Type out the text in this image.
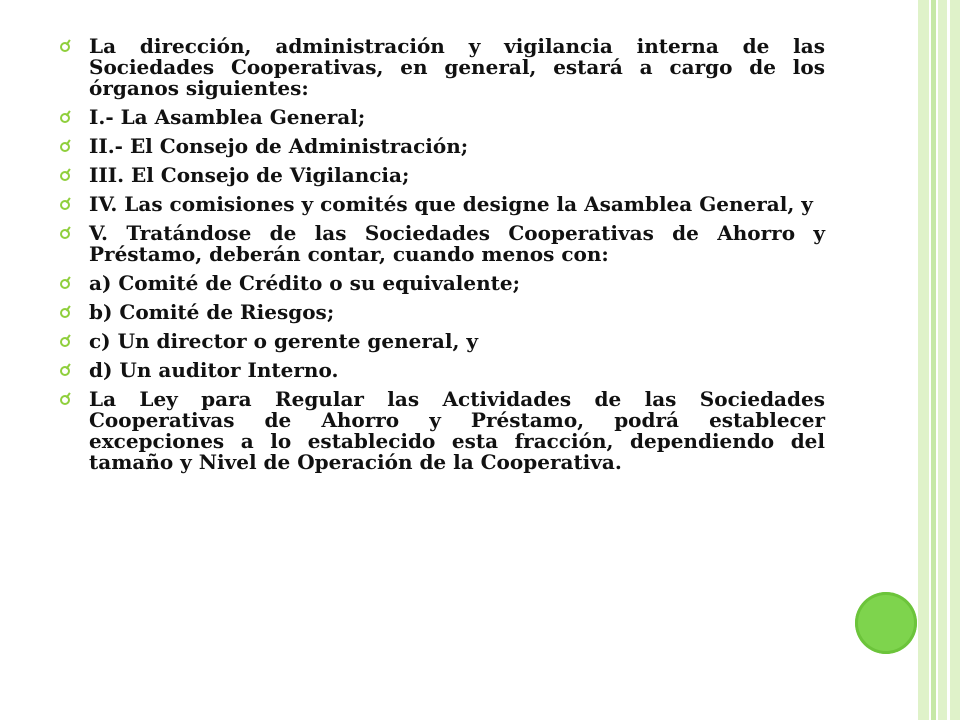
La dirección, administración y vigilancia interna de las Sociedades Cooperativas, en general, estará a cargo de los órganos siguientes:
I.- La Asamblea General;
II.- El Consejo de Administración;
III. El Consejo de Vigilancia;
IV. Las comisiones y comités que designe la Asamblea General, y
V. Tratándose de las Sociedades Cooperativas de Ahorro y Préstamo, deberán contar, cuando menos con:
a) Comité de Crédito o su equivalente;
b) Comité de Riesgos;
c) Un director o gerente general, y
d) Un auditor Interno.
La Ley para Regular las Actividades de las Sociedades Cooperativas de Ahorro y Préstamo, podrá establecer excepciones a lo establecido esta fracción, dependiendo del tamaño y Nivel de Operación de la Cooperativa.
